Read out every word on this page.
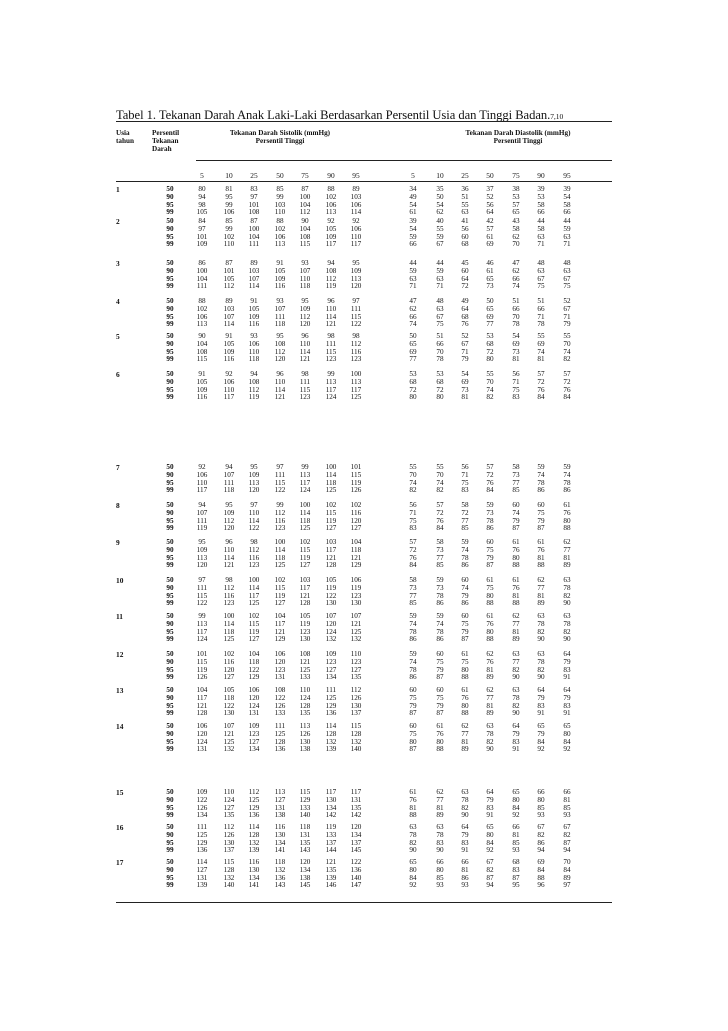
Tabel 1. Tekanan Darah Anak Laki-Laki Berdasarkan Persentil Usia dan Tinggi Badan.7,10
Usia
tahun
Persentil
Tekanan
Darah
Tekanan Darah Sistolik (mmHg)
Persentil Tinggi
Tekanan Darah Diastolik (mmHg)
Persentil Tinggi
5	10	25	50	75	90	95	5	10	25	50	75	90	95
1	50	80	81	83	85	87	88	89	34	35	36	37	38	39	39
90	94	95	97	99	100	102	103	49	50	51	52	53	53	54
95	98	99	101	103	104	106	106	54	54	55	56	57	58	58
99	105	106	108	110	112	113	114	61	62	63	64	65	66	66
2	50	84	85	87	88	90	92	92	39	40	41	42	43	44	44
90	97	99	100	102	104	105	106	54	55	56	57	58	58	59
95	101	102	104	106	108	109	110	59	59	60	61	62	63	63
99	109	110	111	113	115	117	117	66	67	68	69	70	71	71
3	50	86	87	89	91	93	94	95	44	44	45	46	47	48	48
90	100	101	103	105	107	108	109	59	59	60	61	62	63	63
95	104	105	107	109	110	112	113	63	63	64	65	66	67	67
99	111	112	114	116	118	119	120	71	71	72	73	74	75	75
4	50	88	89	91	93	95	96	97	47	48	49	50	51	51	52
90	102	103	105	107	109	110	111	62	63	64	65	66	66	67
95	106	107	109	111	112	114	115	66	67	68	69	70	71	71
99	113	114	116	118	120	121	122	74	75	76	77	78	78	79
5	50	90	91	93	95	96	98	98	50	51	52	53	54	55	55
90	104	105	106	108	110	111	112	65	66	67	68	69	69	70
95	108	109	110	112	114	115	116	69	70	71	72	73	74	74
99	115	116	118	120	121	123	123	77	78	79	80	81	81	82
6	50	91	92	94	96	98	99	100	53	53	54	55	56	57	57
90	105	106	108	110	111	113	113	68	68	69	70	71	72	72
95	109	110	112	114	115	117	117	72	72	73	74	75	76	76
99	116	117	119	121	123	124	125	80	80	81	82	83	84	84
7	50	92	94	95	97	99	100	101	55	55	56	57	58	59	59
90	106	107	109	111	113	114	115	70	70	71	72	73	74	74
95	110	111	113	115	117	118	119	74	74	75	76	77	78	78
99	117	118	120	122	124	125	126	82	82	83	84	85	86	86
8	50	94	95	97	99	100	102	102	56	57	58	59	60	60	61
90	107	109	110	112	114	115	116	71	72	72	73	74	75	76
95	111	112	114	116	118	119	120	75	76	77	78	79	79	80
99	119	120	122	123	125	127	127	83	84	85	86	87	87	88
9	50	95	96	98	100	102	103	104	57	58	59	60	61	61	62
90	109	110	112	114	115	117	118	72	73	74	75	76	76	77
95	113	114	116	118	119	121	121	76	77	78	79	80	81	81
99	120	121	123	125	127	128	129	84	85	86	87	88	88	89
10	50	97	98	100	102	103	105	106	58	59	60	61	61	62	63
90	111	112	114	115	117	119	119	73	73	74	75	76	77	78
95	115	116	117	119	121	122	123	77	78	79	80	81	81	82
99	122	123	125	127	128	130	130	85	86	86	88	88	89	90
11	50	99	100	102	104	105	107	107	59	59	60	61	62	63	63
90	113	114	115	117	119	120	121	74	74	75	76	77	78	78
95	117	118	119	121	123	124	125	78	78	79	80	81	82	82
99	124	125	127	129	130	132	132	86	86	87	88	89	90	90
12	50	101	102	104	106	108	109	110	59	60	61	62	63	63	64
90	115	116	118	120	121	123	123	74	75	75	76	77	78	79
95	119	120	122	123	125	127	127	78	79	80	81	82	82	83
99	126	127	129	131	133	134	135	86	87	88	89	90	90	91
13	50	104	105	106	108	110	111	112	60	60	61	62	63	64	64
90	117	118	120	122	124	125	126	75	75	76	77	78	79	79
95	121	122	124	126	128	129	130	79	79	80	81	82	83	83
99	128	130	131	133	135	136	137	87	87	88	89	90	91	91
14	50	106	107	109	111	113	114	115	60	61	62	63	64	65	65
90	120	121	123	125	126	128	128	75	76	77	78	79	79	80
95	124	125	127	128	130	132	132	80	80	81	82	83	84	84
99	131	132	134	136	138	139	140	87	88	89	90	91	92	92
15	50	109	110	112	113	115	117	117	61	62	63	64	65	66	66
90	122	124	125	127	129	130	131	76	77	78	79	80	80	81
95	126	127	129	131	133	134	135	81	81	82	83	84	85	85
99	134	135	136	138	140	142	142	88	89	90	91	92	93	93
16	50	111	112	114	116	118	119	120	63	63	64	65	66	67	67
90	125	126	128	130	131	133	134	78	78	79	80	81	82	82
95	129	130	132	134	135	137	137	82	83	83	84	85	86	87
99	136	137	139	141	143	144	145	90	90	91	92	93	94	94
17	50	114	115	116	118	120	121	122	65	66	66	67	68	69	70
90	127	128	130	132	134	135	136	80	80	81	82	83	84	84
95	131	132	134	136	138	139	140	84	85	86	87	87	88	89
99	139	140	141	143	145	146	147	92	93	93	94	95	96	97
